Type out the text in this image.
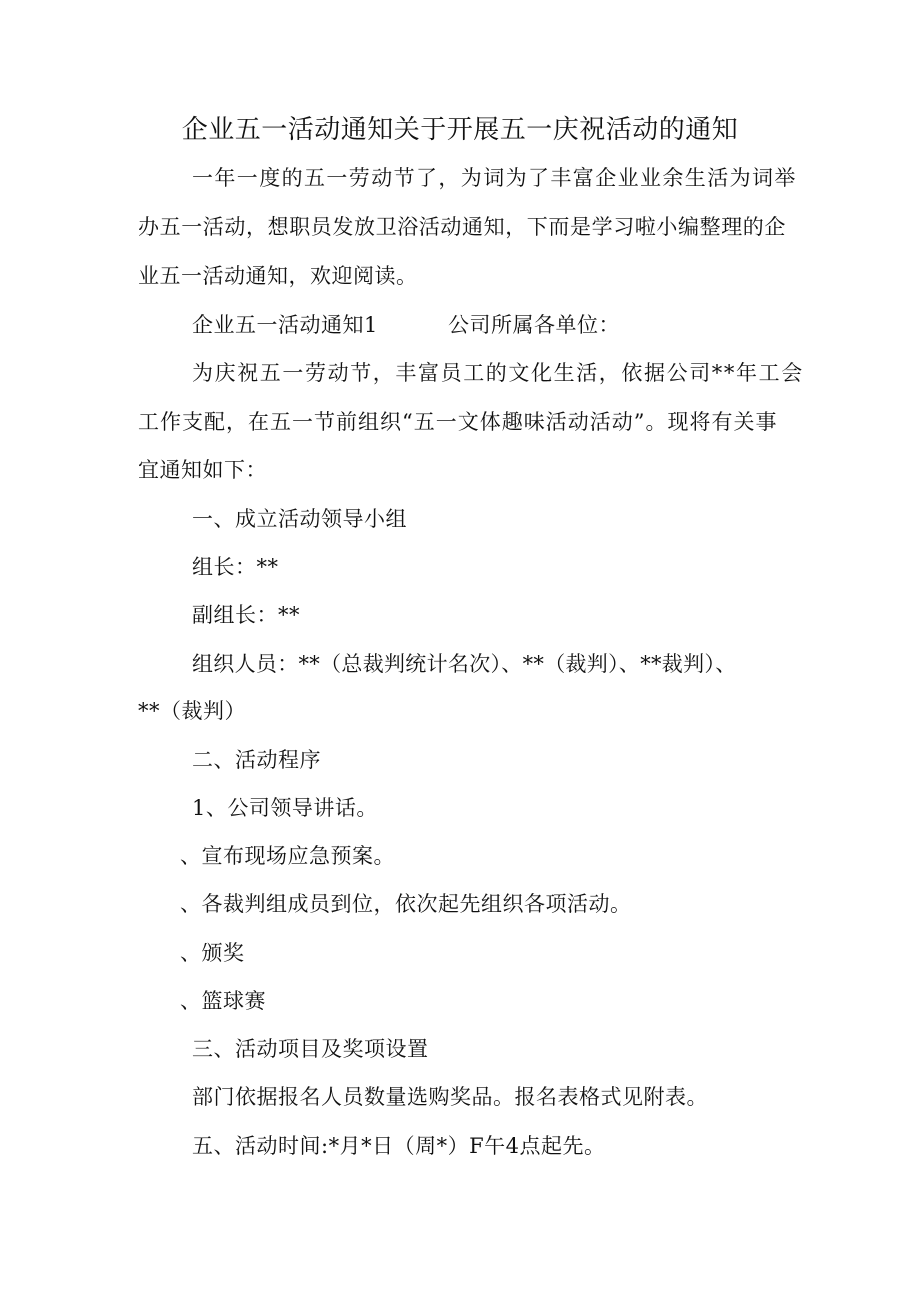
企业五一活动通知关于开展五一庆祝活动的通知
一年一度的五一劳动节了，为词为了丰富企业业余生活为词举
办五一活动，想职员发放卫浴活动通知，下而是学习啦小编整理的企
业五一活动通知，欢迎阅读。
企业五一活动通知1	公司所属各单位：
为庆祝五一劳动节，丰富员工的文化生活，依据公司**年工会
工作支配，在五一节前组织“五一文体趣味活动活动”。现将有关事
宜通知如下：
一、成立活动领导小组
组长：**
副组长：**
组织人员：**（总裁判统计名次）、**（裁判）、**裁判）、
**（裁判）
二、活动程序
1、公司领导讲话。
、宣布现场应急预案。
、各裁判组成员到位，依次起先组织各项活动。
、颁奖
、篮球赛
三、活动项目及奖项设置
部门依据报名人员数量选购奖品。报名表格式见附表。
五、活动时间:*月*日（周*）F午4点起先。
